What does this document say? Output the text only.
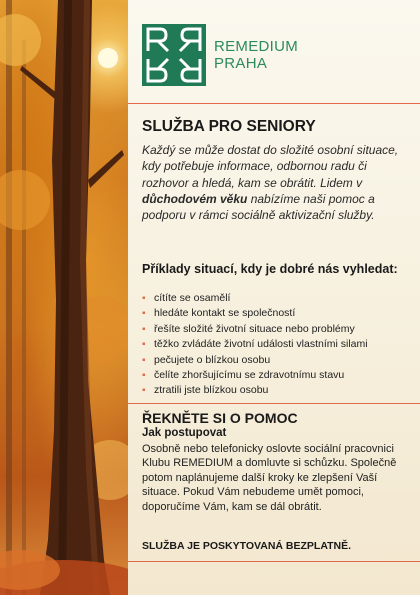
REMEDIUM
PRAHA
SLUŽBA PRO SENIORY
Každý se může dostat do složité osobní situace, kdy potřebuje informace, odbornou radu či rozhovor a hledá, kam se obrátit. Lidem v důchodovém věku nabízíme naši pomoc a podporu v rámci sociálně aktivizační služby.
Příklady situací, kdy je dobré nás vyhledat:
▪ cítíte se osamělí
▪ hledáte kontakt se společností
▪ řešíte složité životní situace nebo problémy
▪ těžko zvládáte životní události vlastními silami
▪ pečujete o blízkou osobu
▪ čelíte zhoršujícímu se zdravotnímu stavu
▪ ztratili jste blízkou osobu
ŘEKNĚTE SI O POMOC
Jak postupovat
Osobně nebo telefonicky oslovte sociální pracovnici Klubu REMEDIUM a domluvte si schůzku. Společně potom naplánujeme další kroky ke zlepšení Vaší situace. Pokud Vám nebudeme umět pomoci, doporučíme Vám, kam se dál obrátit.
SLUŽBA JE POSKYTOVANÁ BEZPLATNĚ.
